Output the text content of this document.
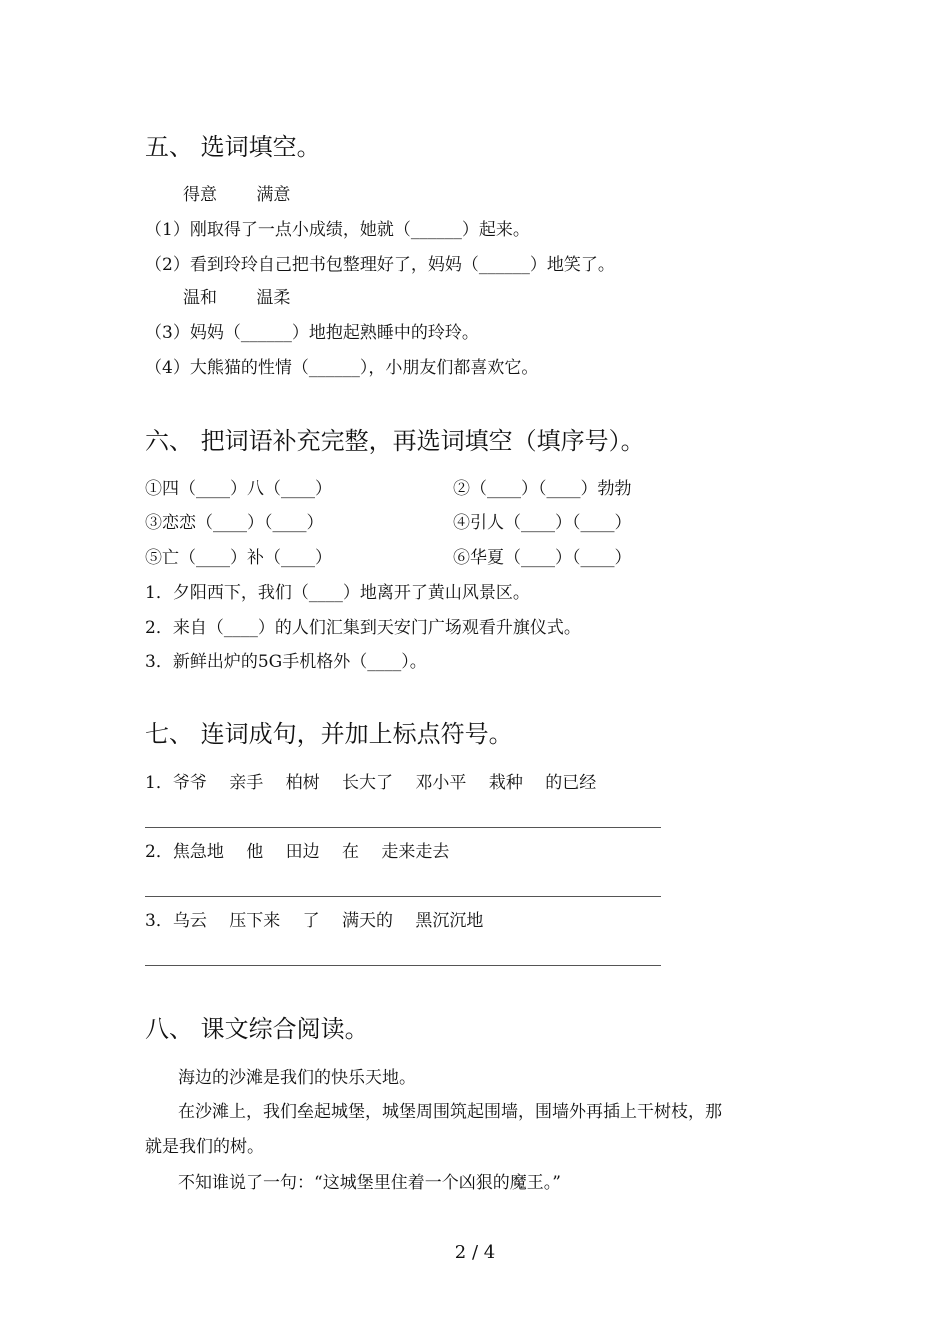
五、 选词填空。
得意　　 满意
（1）刚取得了一点小成绩，她就（______）起来。
（2）看到玲玲自己把书包整理好了，妈妈（______）地笑了。
温和　　 温柔
（3）妈妈（______）地抱起熟睡中的玲玲。
（4）大熊猫的性情（______），小朋友们都喜欢它。
六、 把词语补充完整，再选词填空（填序号）。
①四（____）八（____）	②（____）（____）勃勃
③恋恋（____）（____）	④引人（____）（____）
⑤亡（____）补（____）	⑥华夏（____）（____）
1．夕阳西下，我们（____）地离开了黄山风景区。
2．来自（____）的人们汇集到天安门广场观看升旗仪式。
3．新鲜出炉的5G手机格外（____）。
七、 连词成句，并加上标点符号。
1．爷爷　 亲手　 柏树　 长大了　 邓小平　 栽种　 的已经
2．焦急地　 他　 田边　 在　 走来走去
3．乌云　 压下来　 了　 满天的　 黑沉沉地
八、 课文综合阅读。
海边的沙滩是我们的快乐天地。
在沙滩上，我们垒起城堡，城堡周围筑起围墙，围墙外再插上干树枝，那
就是我们的树。
不知谁说了一句：“这城堡里住着一个凶狠的魔王。”
2 / 4
